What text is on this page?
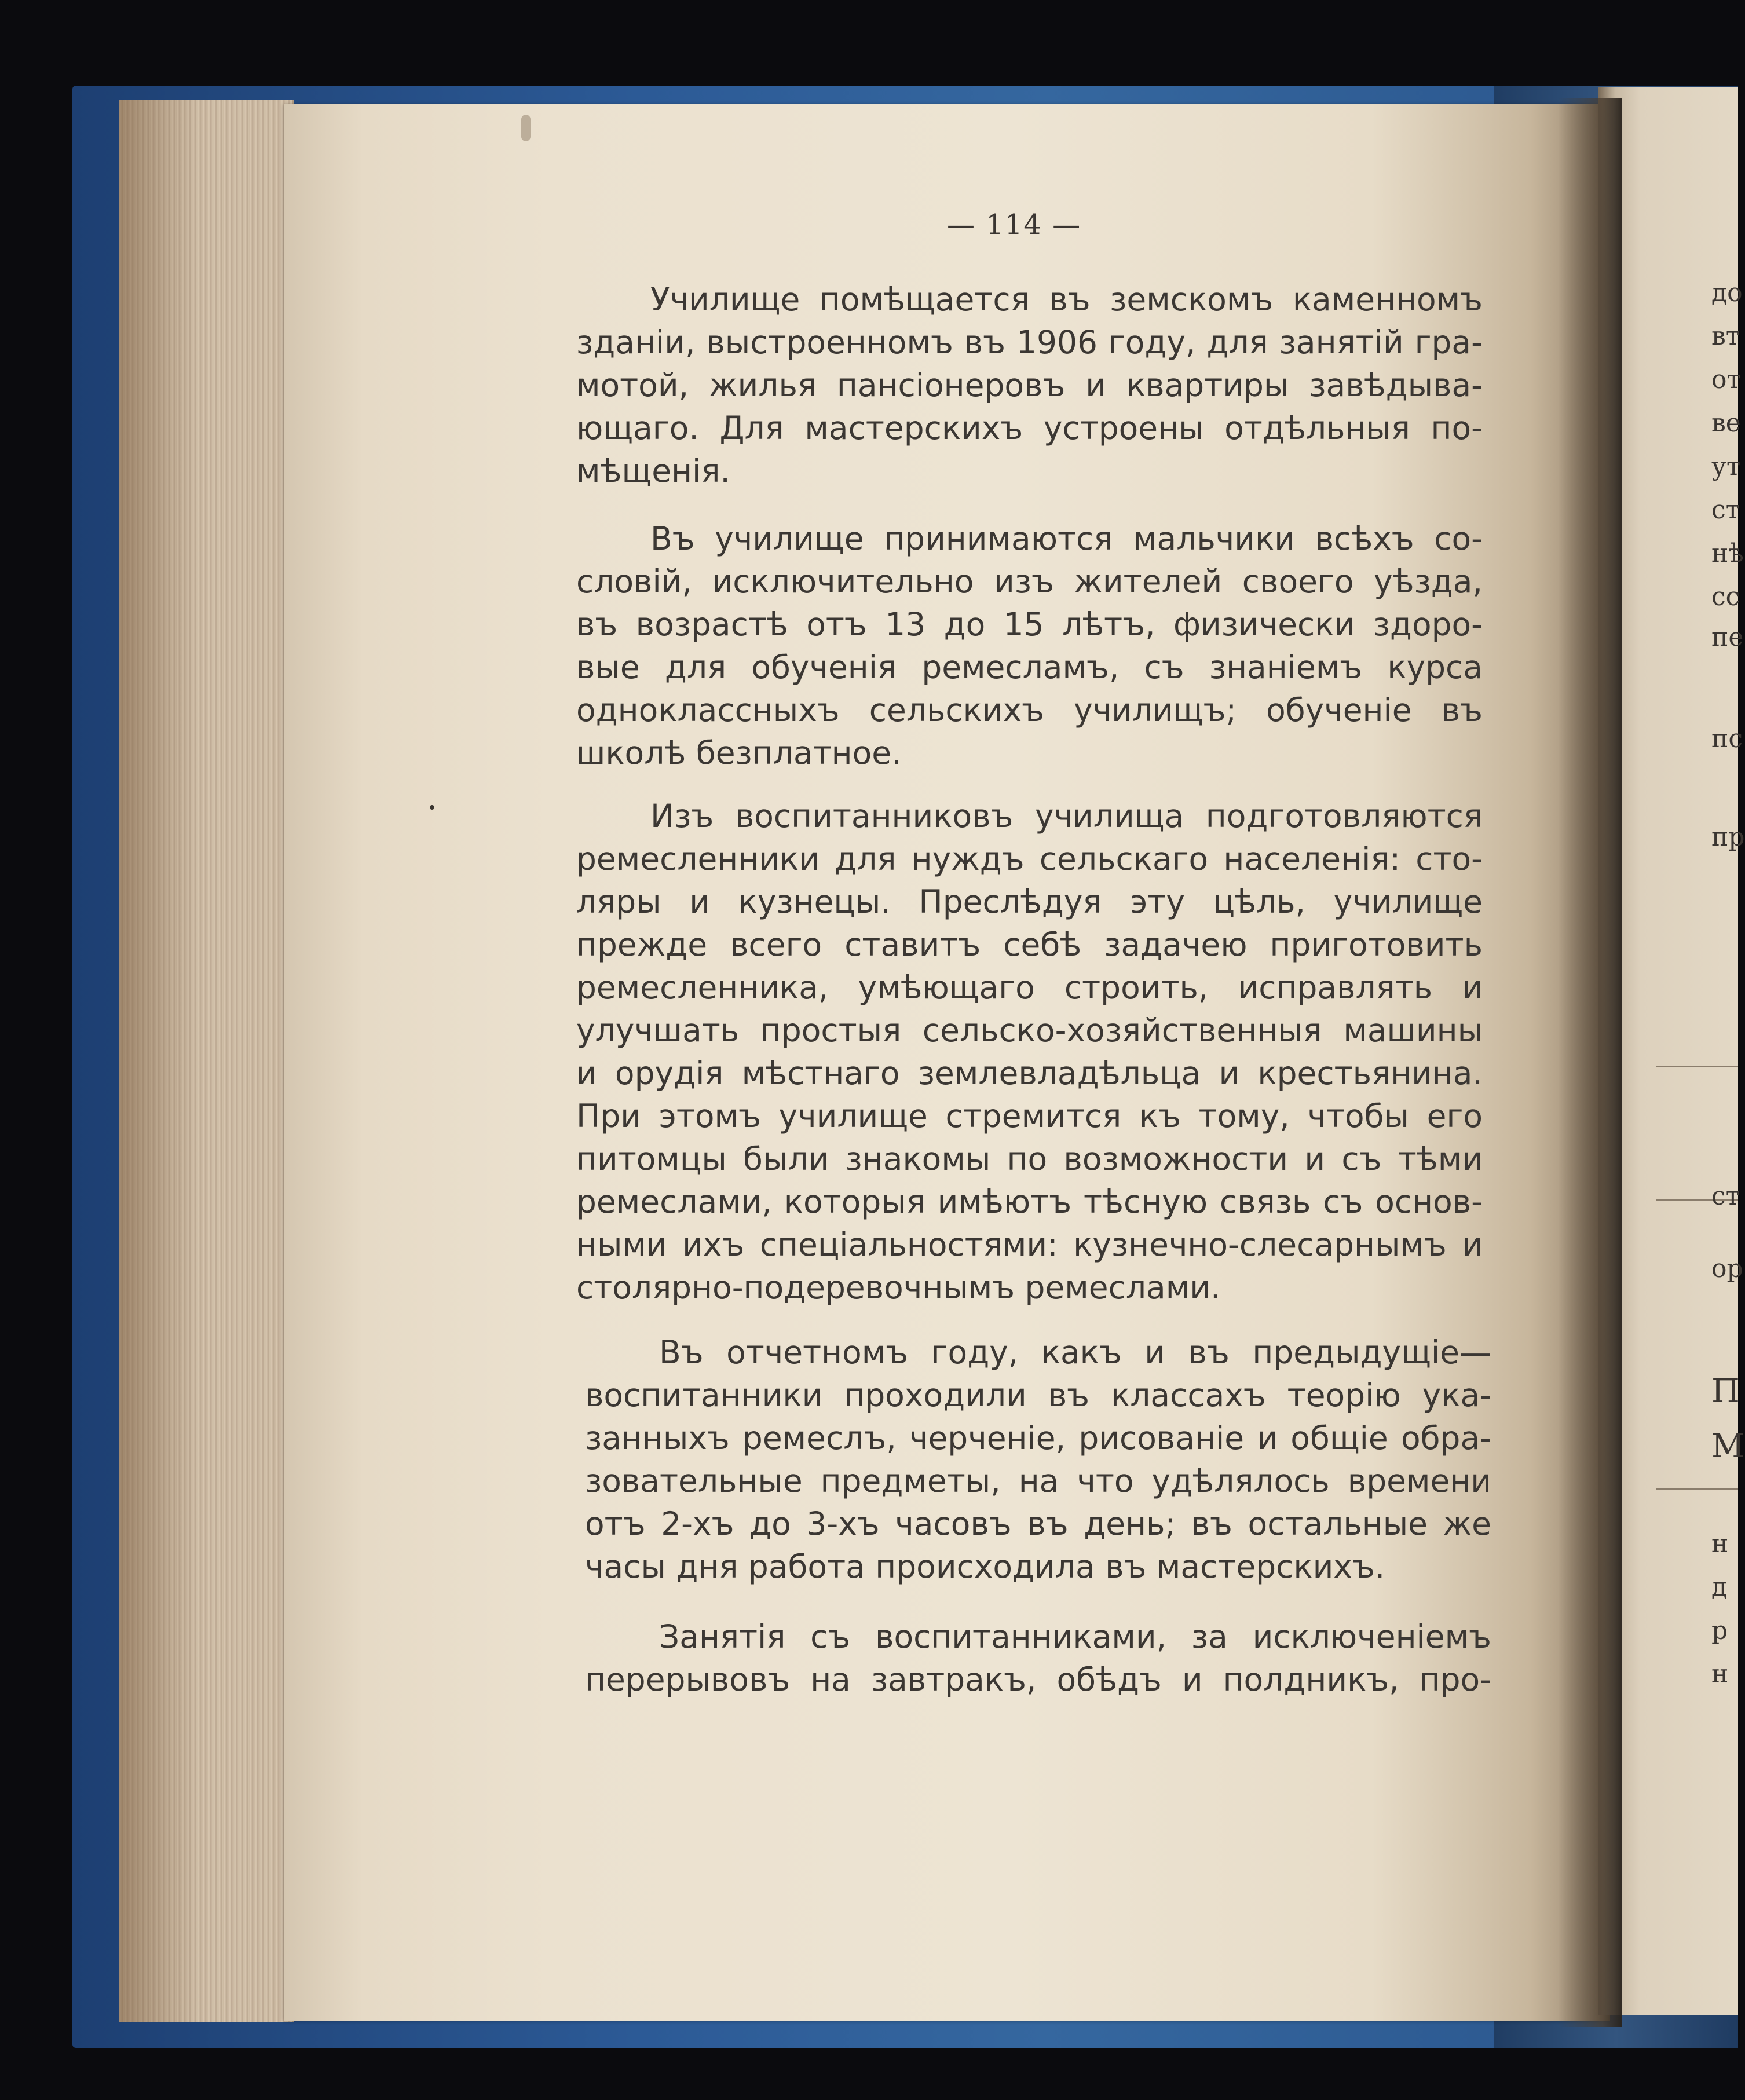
— 114 —
Училище помѣщается въ земскомъ каменномъ
зданіи, выстроенномъ въ 1906 году, для занятій гра-
мотой, жилья пансіонеровъ и квартиры завѣдыва-
ющаго. Для мастерскихъ устроены отдѣльныя по-
мѣщенія.
Въ училище принимаются мальчики всѣхъ со-
словій, исключительно изъ жителей своего уѣзда,
въ возрастѣ отъ 13 до 15 лѣтъ, физически здоро-
вые для обученія ремесламъ, съ знаніемъ курса
одноклассныхъ сельскихъ училищъ; обученіе въ
школѣ безплатное.
Изъ воспитанниковъ училища подготовляются
ремесленники для нуждъ сельскаго населенія: сто-
ляры и кузнецы. Преслѣдуя эту цѣль, училище
прежде всего ставитъ себѣ задачею приготовить
ремесленника, умѣющаго строить, исправлять и
улучшать простыя сельско-хозяйственныя машины
и орудія мѣстнаго землевладѣльца и крестьянина.
При этомъ училище стремится къ тому, чтобы его
питомцы были знакомы по возможности и съ тѣми
ремеслами, которыя имѣютъ тѣсную связь съ основ-
ными ихъ спеціальностями: кузнечно-слесарнымъ и
столярно-подеревочнымъ ремеслами.
Въ отчетномъ году, какъ и въ предыдущіе—
воспитанники проходили въ классахъ теорію ука-
занныхъ ремеслъ, черченіе, рисованіе и общіе обра-
зовательные предметы, на что удѣлялось времени
отъ 2-хъ до 3-хъ часовъ въ день; въ остальные же
часы дня работа происходила въ мастерскихъ.
Занятія съ воспитанниками, за исключеніемъ
перерывовъ на завтракъ, обѣдъ и полдникъ, про-
до
вт
от
ве
ут
ст
нѣ
сс
пе
пс
пр
ст
ор
П
М
н
д
р
н
